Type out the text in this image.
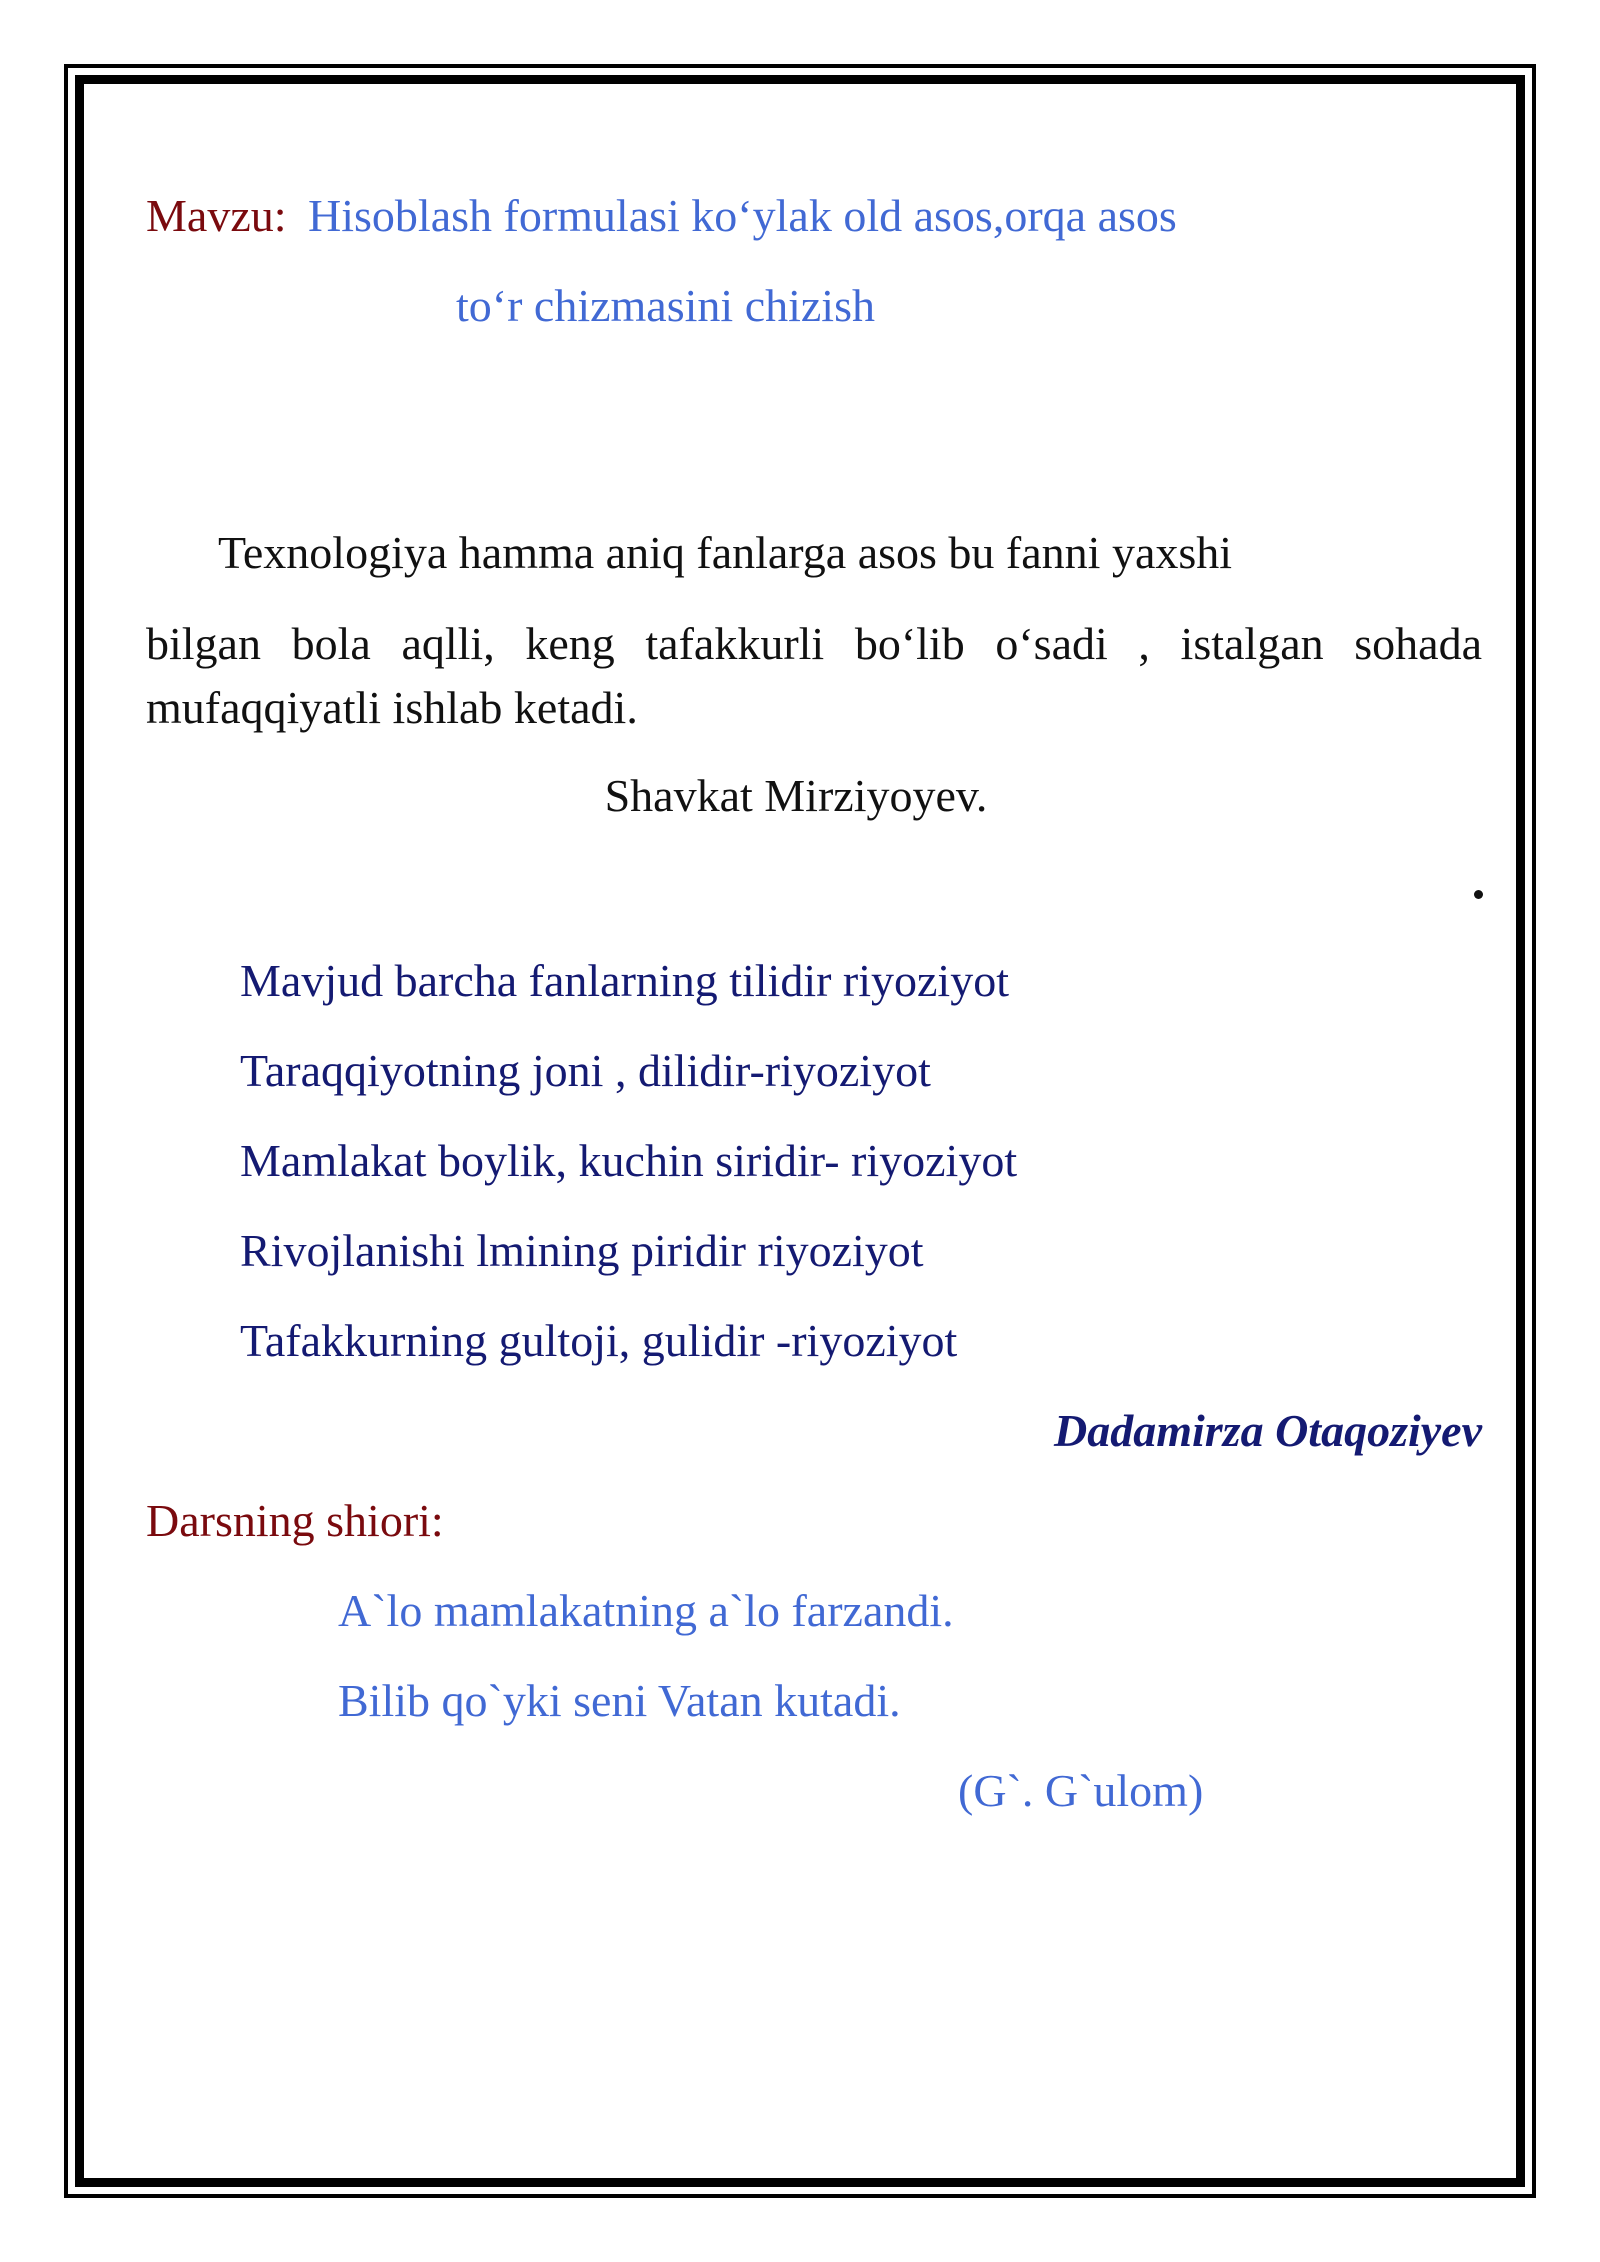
Mavzu: Hisoblash formulasi ko‘ylak old asos,orqa asos
to‘r chizmasini chizish
Texnologiya hamma aniq fanlarga asos bu fanni yaxshi
bilgan bola aqlli, keng tafakkurli bo‘lib o‘sadi , istalgan sohada mufaqqiyatli ishlab ketadi.
Shavkat Mirziyoyev.
Mavjud barcha fanlarning tilidir riyoziyot
Taraqqiyotning joni , dilidir-riyoziyot
Mamlakat boylik, kuchin siridir- riyoziyot
Rivojlanishi lmining piridir riyoziyot
Tafakkurning gultoji, gulidir -riyoziyot
Dadamirza Otaqoziyev
Darsning shiori:
A`lo mamlakatning a`lo farzandi.
Bilib qo`yki seni Vatan kutadi.
(G`. G`ulom)
